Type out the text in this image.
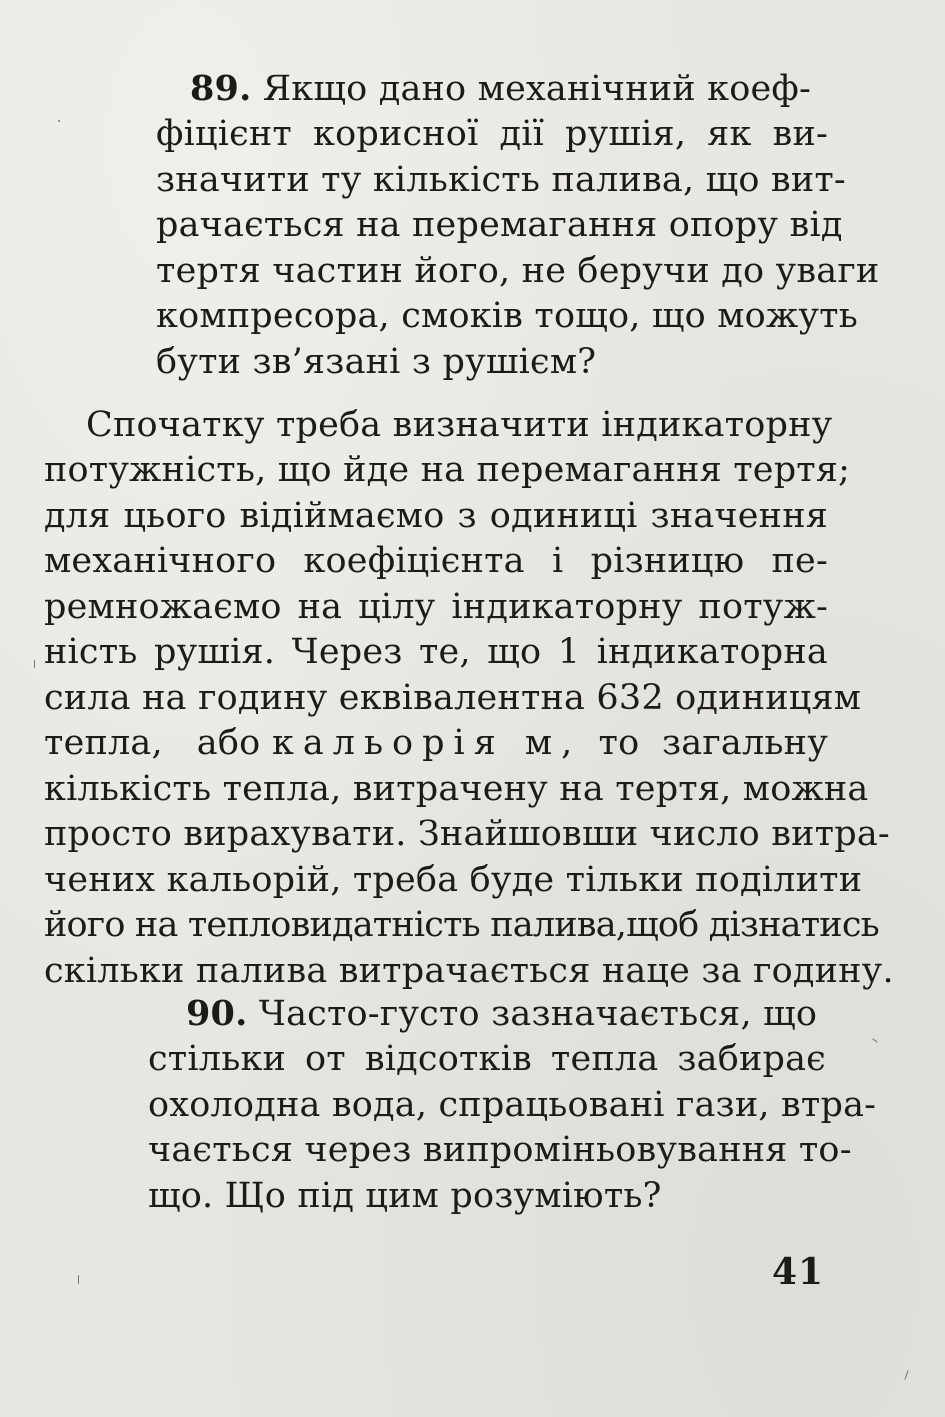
89. Якщо дано механічний коеф-
фіцієнт корисної дії рушія, як ви-
значити ту кількість палива, що вит-
рачається на перемагання опору від
тертя частин його, не беручи до уваги
компресора, смоків тощо, що можуть
бути зв’язані з рушієм?
Спочатку треба визначити індикаторну
потужність, що йде на перемагання тертя;
для цього відіймаємо з одиниці значення
механічного коефіцієнта і різницю пе-
ремножаємо на цілу індикаторну потуж-
ність рушія. Через те, що 1 індикаторна
сила на годину еквівалентна 632 одиницям
тепла,   або кальорія м, то  загальну
кількість тепла, витрачену на тертя, можна
просто вирахувати. Знайшовши число витра-
чених кальорій, треба буде тільки поділити
його на тепловидатність палива,щоб дізнатись
скільки палива витрачається наце за годину.
90. Часто-густо зазначається, що
стільки от відсотків тепла забирає
охолодна вода, спрацьовані гази, втра-
чається через випроміньовування то-
що. Що під цим розуміють?
41
